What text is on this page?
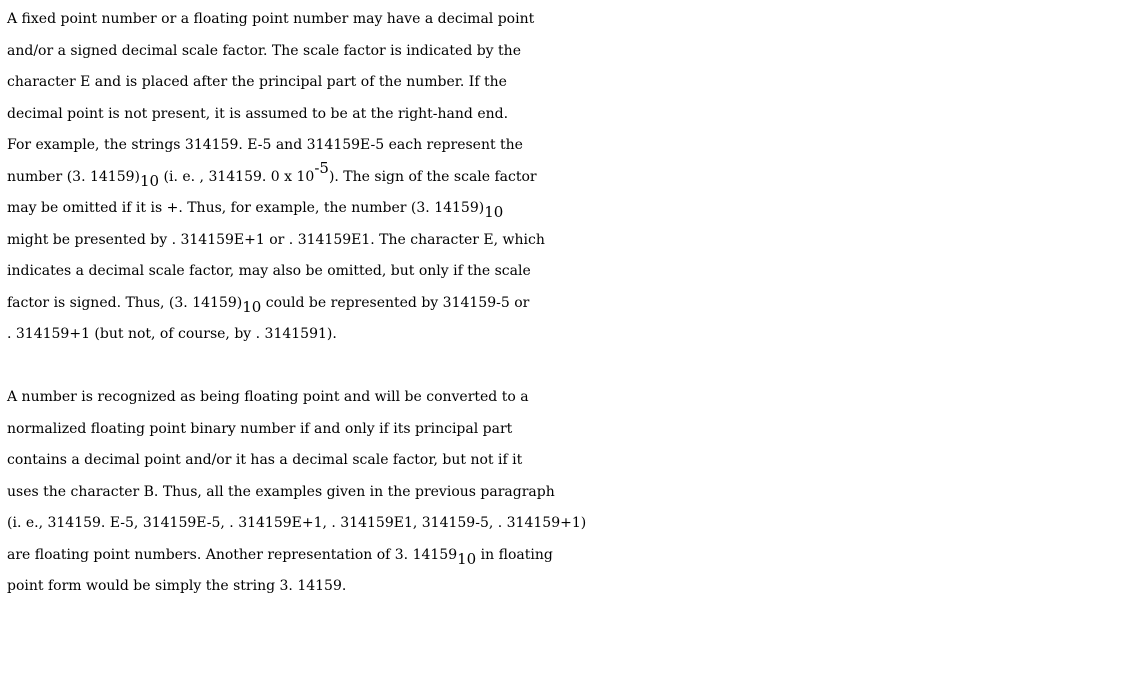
A fixed point number or a floating point number may have a decimal point
and/or a signed decimal scale factor. The scale factor is indicated by the
character E and is placed after the principal part of the number. If the
decimal point is not present, it is assumed to be at the right-hand end.
For example, the strings 314159. E-5 and 314159E-5 each represent the
number (3. 14159)10 (i. e. , 314159. 0 x 10-5). The sign of the scale factor
may be omitted if it is +. Thus, for example, the number (3. 14159)10
might be presented by . 314159E+1 or . 314159E1. The character E, which
indicates a decimal scale factor, may also be omitted, but only if the scale
factor is signed. Thus, (3. 14159)10 could be represented by 314159-5 or
. 314159+1 (but not, of course, by . 3141591).
A number is recognized as being floating point and will be converted to a
normalized floating point binary number if and only if its principal part
contains a decimal point and/or it has a decimal scale factor, but not if it
uses the character B. Thus, all the examples given in the previous paragraph
(i. e., 314159. E-5, 314159E-5, . 314159E+1, . 314159E1, 314159-5, . 314159+1)
are floating point numbers. Another representation of 3. 1415910 in floating
point form would be simply the string 3. 14159.
